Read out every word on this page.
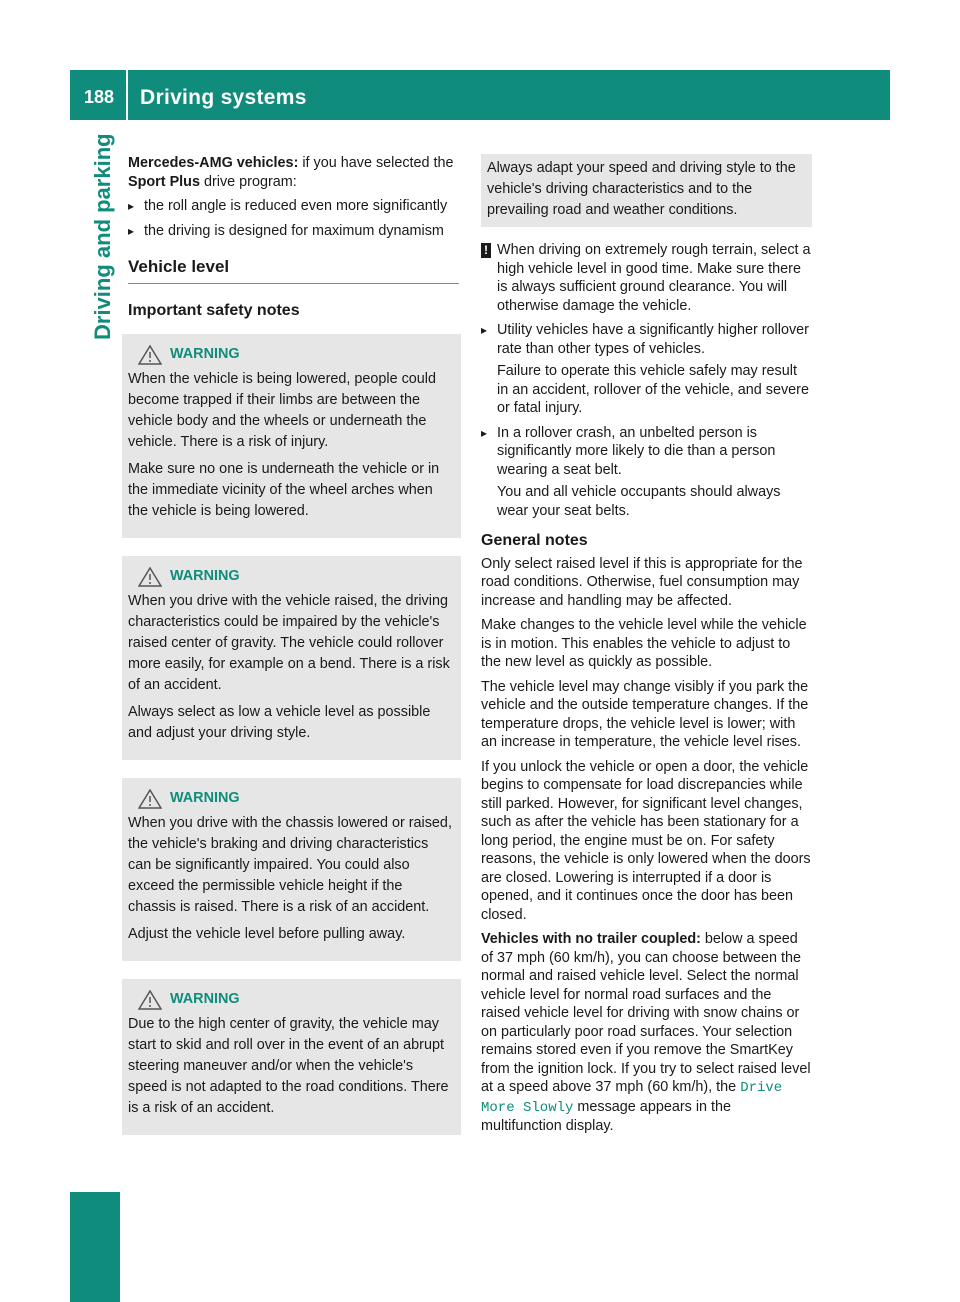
188 Driving systems
Driving and parking Mercedes-AMG vehicles: if you have selected the Sport Plus drive program:

▸ the roll angle is reduced even more significantly
▸ the driving is designed for maximum dynamism
Vehicle level
Important safety notes
WARNING

When the vehicle is being lowered, people could become trapped if their limbs are between the vehicle body and the wheels or underneath the vehicle. There is a risk of injury.

Make sure no one is underneath the vehicle or in the immediate vicinity of the wheel arches when the vehicle is being lowered.

WARNING

When you drive with the vehicle raised, the driving characteristics could be impaired by the vehicle's raised center of gravity. The vehicle could rollover more easily, for example on a bend. There is a risk of an accident.

Always select as low a vehicle level as possible and adjust your driving style.

WARNING

When you drive with the chassis lowered or raised, the vehicle's braking and driving characteristics can be significantly impaired. You could also exceed the permissible vehicle height if the chassis is raised. There is a risk of an accident.

Adjust the vehicle level before pulling away.

WARNING

Due to the high center of gravity, the vehicle may start to skid and roll over in the event of an abrupt steering maneuver and/or when the vehicle's speed is not adapted to the road conditions. There is a risk of an accident.

Always adapt your speed and driving style to the vehicle's driving characteristics and to the prevailing road and weather conditions.
! When driving on extremely rough terrain, select a high vehicle level in good time. Make sure there is always sufficient ground clearance. You will otherwise damage the vehicle.
▸ Utility vehicles have a significantly higher rollover rate than other types of vehicles.

Failure to operate this vehicle safely may result in an accident, rollover of the vehicle, and severe or fatal injury.

▸ In a rollover crash, an unbelted person is significantly more likely to die than a person wearing a seat belt.

You and all vehicle occupants should always wear your seat belts.

General notes

Only select raised level if this is appropriate for the road conditions. Otherwise, fuel consumption may increase and handling may be affected.

Make changes to the vehicle level while the vehicle is in motion. This enables the vehicle to adjust to the new level as quickly as possible.

The vehicle level may change visibly if you park the vehicle and the outside temperature changes. If the temperature drops, the vehicle level is lower; with an increase in temperature, the vehicle level rises.

If you unlock the vehicle or open a door, the vehicle begins to compensate for load discrepancies while still parked. However, for significant level changes, such as after the vehicle has been stationary for a long period, the engine must be on. For safety reasons, the vehicle is only lowered when the doors are closed. Lowering is interrupted if a door is opened, and it continues once the door has been closed.

Vehicles with no trailer coupled: below a speed of 37 mph (60 km/h), you can choose between the normal and raised vehicle level. Select the normal vehicle level for normal road surfaces and the raised vehicle level for driving with snow chains or on particularly poor road surfaces. Your selection remains stored even if you remove the SmartKey from the ignition lock. If you try to select raised level at a speed above 37 mph (60 km/h), the Drive More Slowly message appears in the multifunction display.
